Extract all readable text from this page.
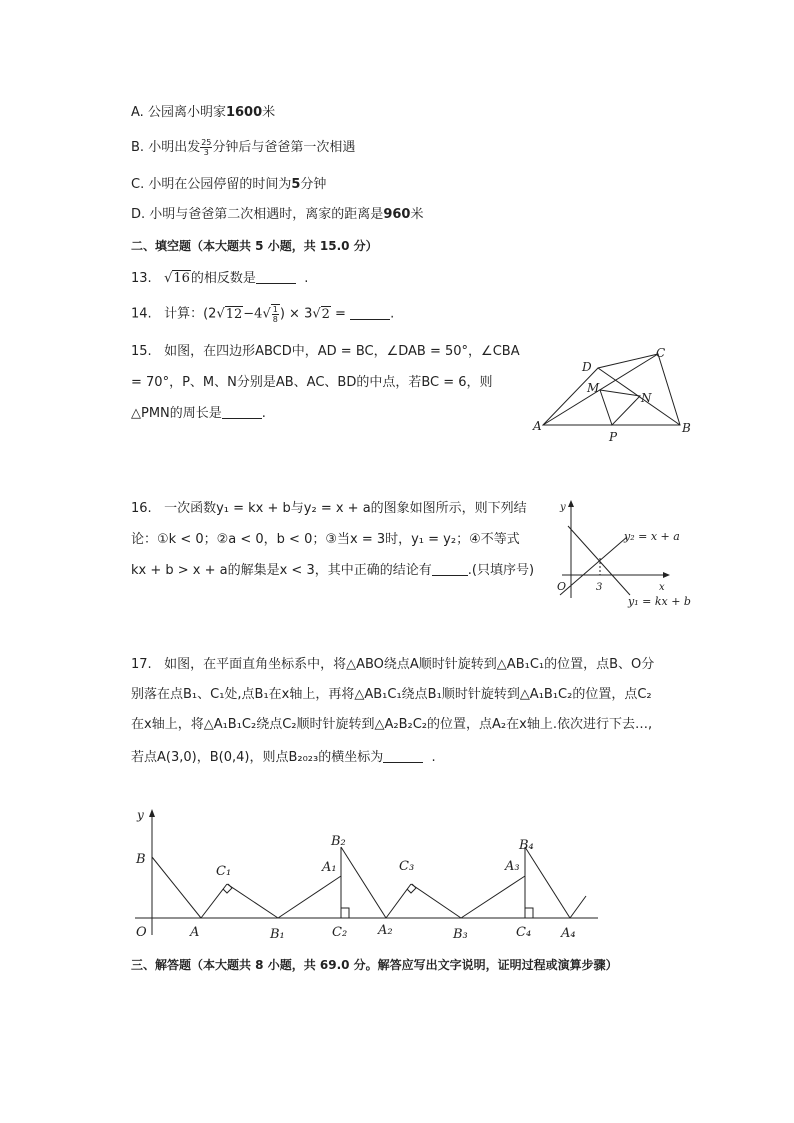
A. 公园离小明家1600米
B. 小明出发 $\frac{25}{3}$ 分钟后与爸爸第一次相遇
C. 小明在公园停留的时间为5分钟
D. 小明与爸爸第二次相遇时，离家的距离是960米
二、填空题（本大题共 5 小题，共 15.0 分）
13.   √16的相反数是	.
14. 计算：($2√12-4√ \frac{1}{8}$ ) × 3√2 =	.
15. 如图，在四边形ABCD中，AD = BC，∠DAB = 50°，∠CBA
= 70°，P、M、N分别是AB、AC、BD的中点，若BC = 6，则
△PMN的周长是	.
A	B
C
D
M
N
P
16. 一次函数y₁ = kx + b与y₂ = x + a的图象如图所示，则下列结
论：①k < 0；②a < 0，b < 0；③当x = 3时，y₁ = y₂；④不等式
kx + b > x + a的解集是x < 3，其中正确的结论有	.(只填序号)
y
x
O	3
y₂ = x + a
y₁ = kx + b
17. 如图，在平面直角坐标系中，将△ABO绕点A顺时针旋转到△AB₁C₁的位置，点B、O分
别落在点B₁、C₁处,点B₁在x轴上，再将△AB₁C₁绕点B₁顺时针旋转到△A₁B₁C₂的位置，点C₂
在x轴上，将△A₁B₁C₂绕点C₂顺时针旋转到△A₂B₂C₂的位置，点A₂在x轴上.依次进行下去…,
若点A(3,0)，B(0,4)，则点B₂₀₂₃的横坐标为	.
y
O
B
A
C₁
B₁
A₁
B₂
C₂ A₂
C₃
B₃
A₃
B₄
C₄ A₄
三、解答题（本大题共 8 小题，共 69.0 分。解答应写出文字说明，证明过程或演算步骤）
